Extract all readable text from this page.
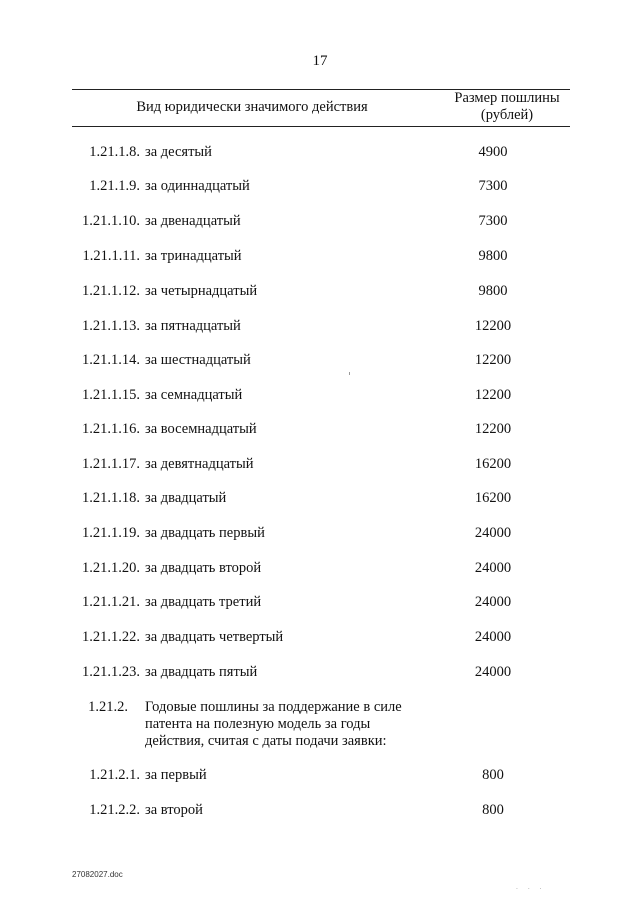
17
Вид юридически значимого действия
Размер пошлины
(рублей)
1.21.1.8. за десятый	4900
1.21.1.9. за одиннадцатый	7300
1.21.1.10. за двенадцатый	7300
1.21.1.11. за тринадцатый	9800
1.21.1.12. за четырнадцатый	9800
1.21.1.13. за пятнадцатый	12200
1.21.1.14. за шестнадцатый	12200
1.21.1.15. за семнадцатый	12200
1.21.1.16. за восемнадцатый	12200
1.21.1.17. за девятнадцатый	16200
1.21.1.18. за двадцатый	16200
1.21.1.19. за двадцать первый	24000
1.21.1.20. за двадцать второй	24000
1.21.1.21. за двадцать третий	24000
1.21.1.22. за двадцать четвертый	24000
1.21.1.23. за двадцать пятый	24000
1.21.2. Годовые пошлины за поддержание в силе патента на полезную модель за годы действия, считая с даты подачи заявки:
1.21.2.1. за первый	800
1.21.2.2. за второй	800
27082027.doc
· · ·
